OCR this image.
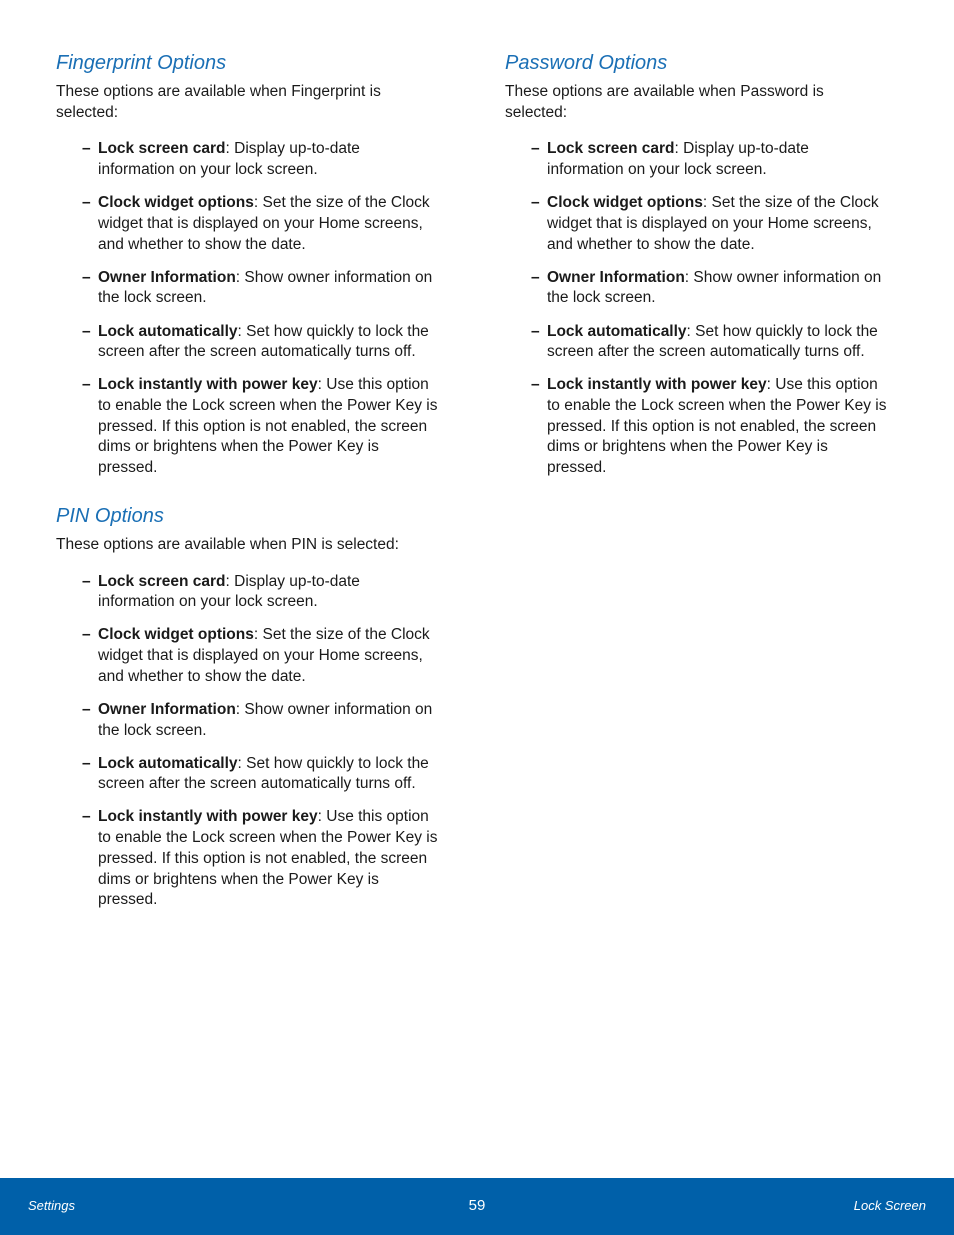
Fingerprint Options

These options are available when Fingerprint is selected:

– Lock screen card: Display up-to-date information on your lock screen.
– Clock widget options: Set the size of the Clock widget that is displayed on your Home screens, and whether to show the date.
– Owner Information: Show owner information on the lock screen.
– Lock automatically: Set how quickly to lock the screen after the screen automatically turns off.
– Lock instantly with power key: Use this option to enable the Lock screen when the Power Key is pressed. If this option is not enabled, the screen dims or brightens when the Power Key is pressed.
PIN Options

These options are available when PIN is selected:

– Lock screen card: Display up-to-date information on your lock screen.
– Clock widget options: Set the size of the Clock widget that is displayed on your Home screens, and whether to show the date.
– Owner Information: Show owner information on the lock screen.
– Lock automatically: Set how quickly to lock the screen after the screen automatically turns off.
– Lock instantly with power key: Use this option to enable the Lock screen when the Power Key is pressed. If this option is not enabled, the screen dims or brightens when the Power Key is pressed.
Password Options

These options are available when Password is selected:

– Lock screen card: Display up-to-date information on your lock screen.
– Clock widget options: Set the size of the Clock widget that is displayed on your Home screens, and whether to show the date.
– Owner Information: Show owner information on the lock screen.
– Lock automatically: Set how quickly to lock the screen after the screen automatically turns off.
– Lock instantly with power key: Use this option to enable the Lock screen when the Power Key is pressed. If this option is not enabled, the screen dims or brightens when the Power Key is pressed.
Settings	59	Lock Screen
